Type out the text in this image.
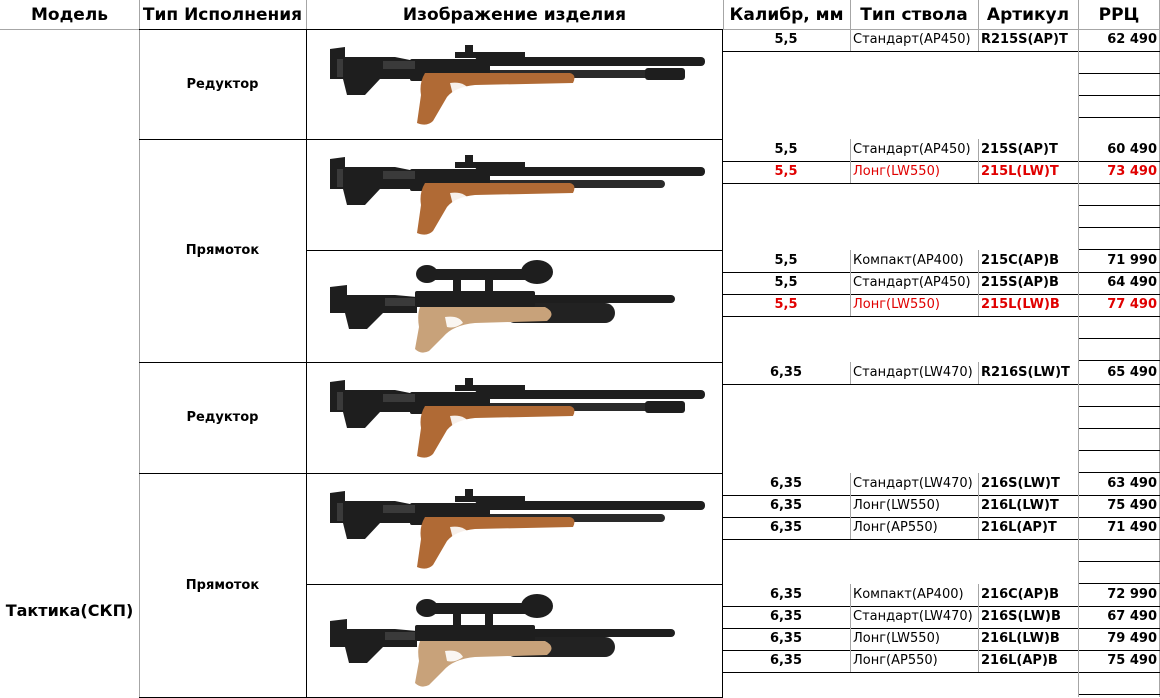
Модель	Тип Исполнения	Изображение изделия	Калибр, мм Тип ствола	Артикул	РРЦ
Тактика(СКП)
Редуктор
5,5	Стандарт(АР450) R215S(AP)T	62 490
Прямоток
5,5	Стандарт(АР450) 215S(AP)T	60 490
5,5	Лонг(LW550)	215L(LW)T	73 490
5,5	Компакт(АР400)	215C(AP)B	71 990
5,5	Стандарт(АР450) 215S(AP)B	64 490
5,5	Лонг(LW550)	215L(LW)B	77 490
Редуктор
6,35	Стандарт(LW470) R216S(LW)T	65 490
Прямоток
6,35	Стандарт(LW470) 216S(LW)T	63 490
6,35	Лонг(LW550)	216L(LW)T	75 490
6,35	Лонг(АР550)	216L(AP)T	71 490
6,35	Компакт(АР400)	216C(AP)B	72 990
6,35	Стандарт(LW470) 216S(LW)B	67 490
6,35	Лонг(LW550)	216L(LW)B	79 490
6,35	Лонг(АР550)	216L(AP)B	75 490
